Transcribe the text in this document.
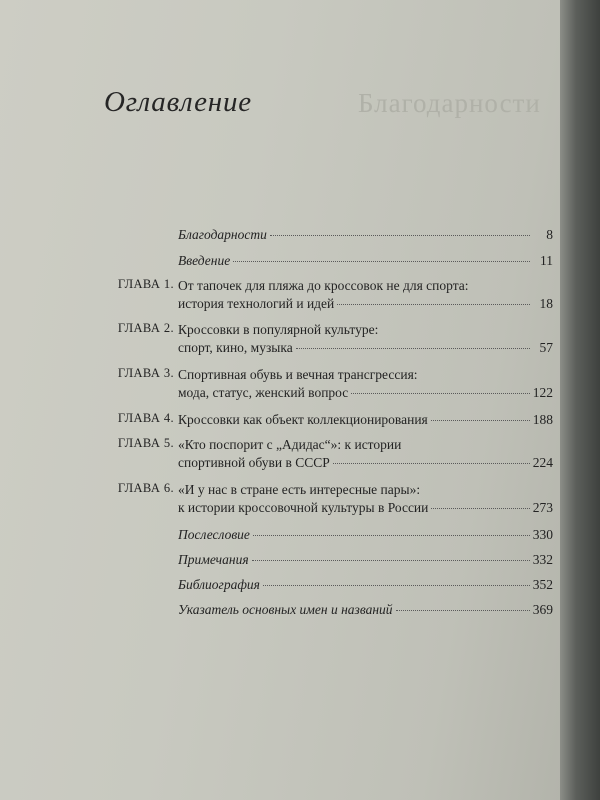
Благодарности
Оглавление
Благодарности	8
Введение	11
ГЛАВА 1. От тапочек для пляжа до кроссовок не для спорта:
история технологий и идей	18
ГЛАВА 2. Кроссовки в популярной культуре:
спорт, кино, музыка	57
ГЛАВА 3. Спортивная обувь и вечная трансгрессия:
мода, статус, женский вопрос	122
ГЛАВА 4. Кроссовки как объект коллекционирования	188
ГЛАВА 5. «Кто поспорит с „Адидас“»: к истории
спортивной обуви в СССР	224
ГЛАВА 6. «И у нас в стране есть интересные пары»:
к истории кроссовочной культуры в России	273
Послесловие	330
Примечания	332
Библиография	352
Указатель основных имен и названий	369
